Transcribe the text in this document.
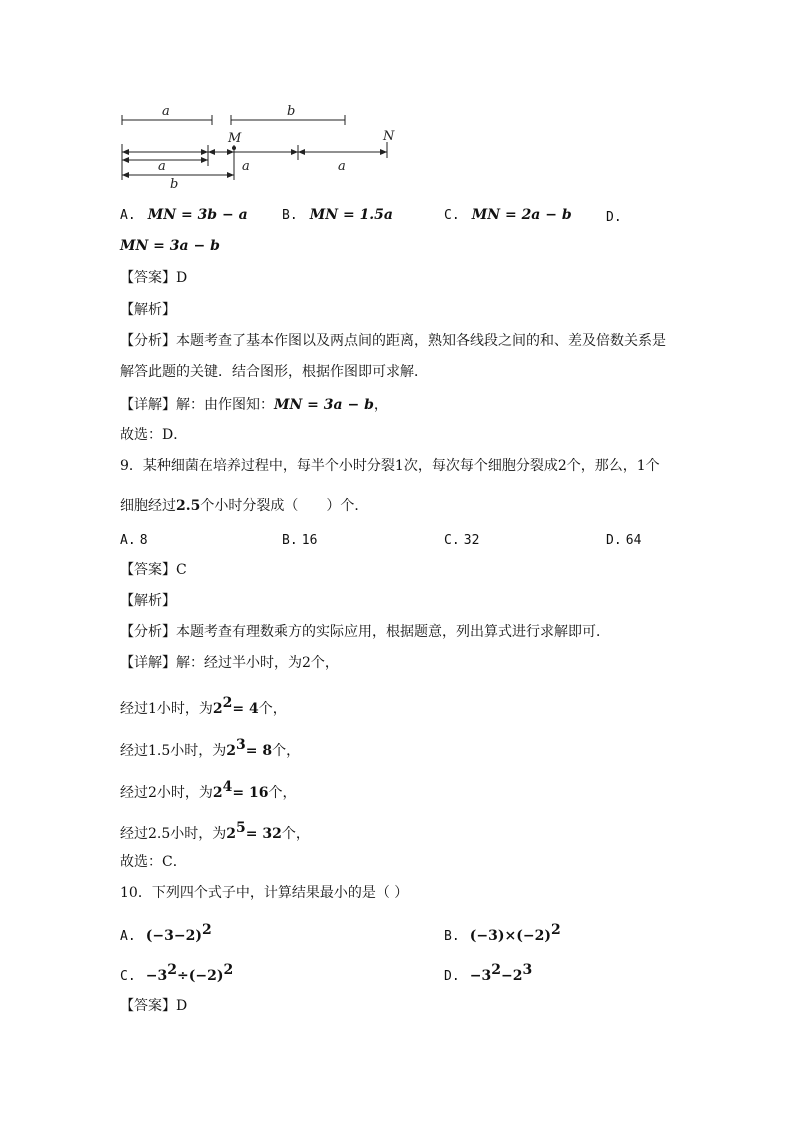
a	b
M	N
a	a	a
b
A. MN = 3b − a	B. MN = 1.5a	C. MN = 2a − b	D.
MN = 3a − b
【答案】D
【解析】
【分析】本题考查了基本作图以及两点间的距离，熟知各线段之间的和、差及倍数关系是
解答此题的关键．结合图形，根据作图即可求解．
【详解】解：由作图知：MN = 3a − b，
故选：D．
9．某种细菌在培养过程中，每半个小时分裂1次，每次每个细胞分裂成2个，那么，1个
细胞经过2.5个小时分裂成（　　）个．
A. 8	B. 16	C. 32	D. 64
【答案】C
【解析】
【分析】本题考查有理数乘方的实际应用，根据题意，列出算式进行求解即可．
【详解】解：经过半小时，为2个，
经过1小时，为$2^2= 4$个，
经过1.5小时，为$2^3= 8$个，
经过2小时，为$2^4= 16$个，
经过2.5小时，为$2^5= 32$个，
故选：C．
10．下列四个式子中，计算结果最小的是（ ）
A. $(-3-2)^2$	B. $(-3)\times(-2)^2$
C. $-3^2\div(-2)^2$	D. $-3^2-2^3$
【答案】D
